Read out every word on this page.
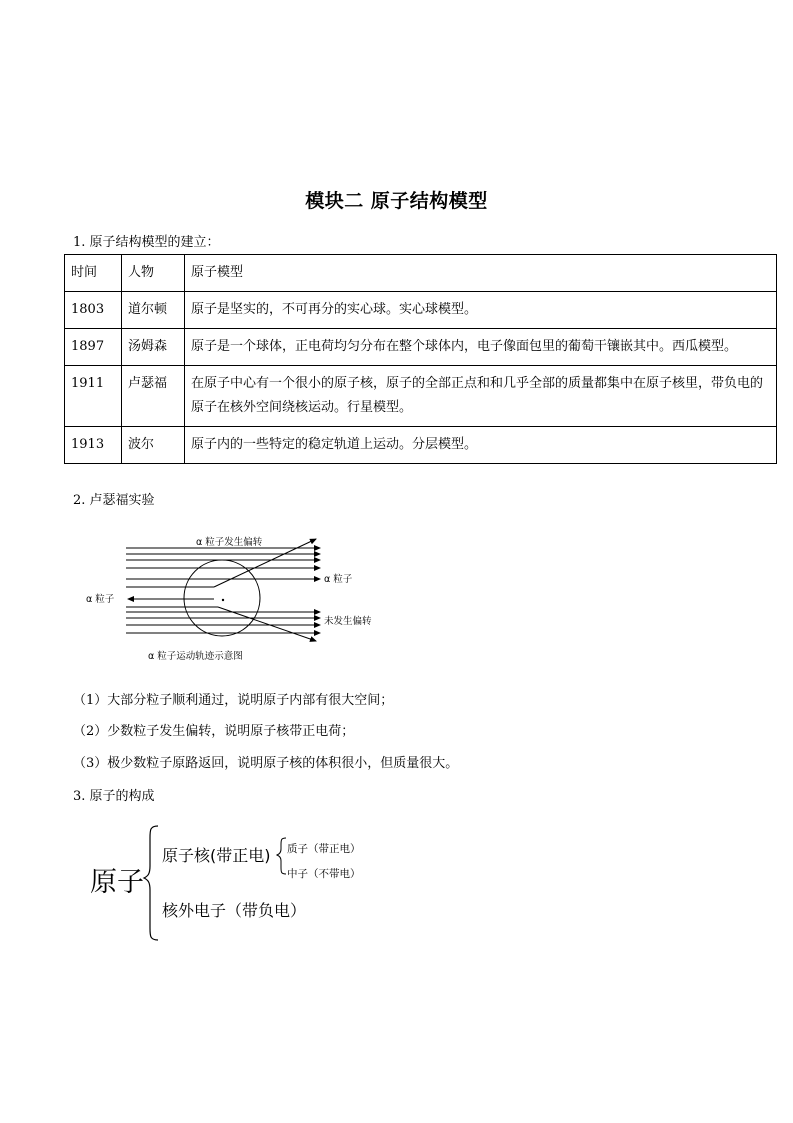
模块二 原子结构模型
1. 原子结构模型的建立：
时间	人物	原子模型
1803	道尔顿	原子是坚实的，不可再分的实心球。实心球模型。
1897	汤姆森	原子是一个球体，正电荷均匀分布在整个球体内，电子像面包里的葡萄干镶嵌其中。西瓜模型。
1911	卢瑟福	在原子中心有一个很小的原子核，原子的全部正点和和几乎全部的质量都集中在原子核里，带负电的原子在核外空间绕核运动。行星模型。
1913	波尔	原子内的一些特定的稳定轨道上运动。分层模型。
2. 卢瑟福实验
α 粒子发生偏转
α 粒子
α 粒子
未发生偏转
α 粒子运动轨迹示意图
（1）大部分粒子顺利通过，说明原子内部有很大空间；
（2）少数粒子发生偏转，说明原子核带正电荷；
（3）极少数粒子原路返回，说明原子核的体积很小，但质量很大。
3. 原子的构成
原子
原子核(带正电) 质子（带正电）
中子（不带电）
核外电子（带负电）
